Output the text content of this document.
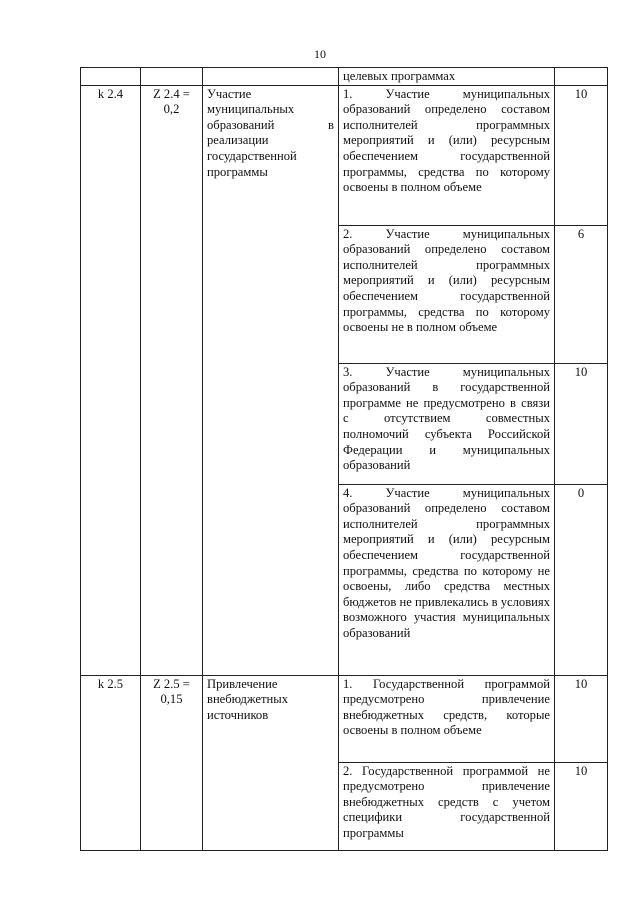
10
			целевых программах	
k 2.4	Z 2.4 = 0,2	Участие муниципальных образований в реализации государственной программы	1. Участие муниципальных образований определено составом исполнителей программных мероприятий и (или) ресурсным обеспечением государственной программы, средства по которому освоены в полном объеме	10
			2. Участие муниципальных образований определено составом исполнителей программных мероприятий и (или) ресурсным обеспечением государственной программы, средства по которому освоены не в полном объеме	6
			3. Участие муниципальных образований в государственной программе не предусмотрено в связи с отсутствием совместных полномочий субъекта Российской Федерации и муниципальных образований	10
			4. Участие муниципальных образований определено составом исполнителей программных мероприятий и (или) ресурсным обеспечением государственной программы, средства по которому не освоены, либо средства местных бюджетов не привлекались в условиях возможного участия муниципальных образований	0
k 2.5	Z 2.5 = 0,15	Привлечение внебюджетных источников	1. Государственной программой предусмотрено привлечение внебюджетных средств, которые освоены в полном объеме	10
			2. Государственной программой не предусмотрено привлечение внебюджетных средств с учетом специфики государственной программы	10
